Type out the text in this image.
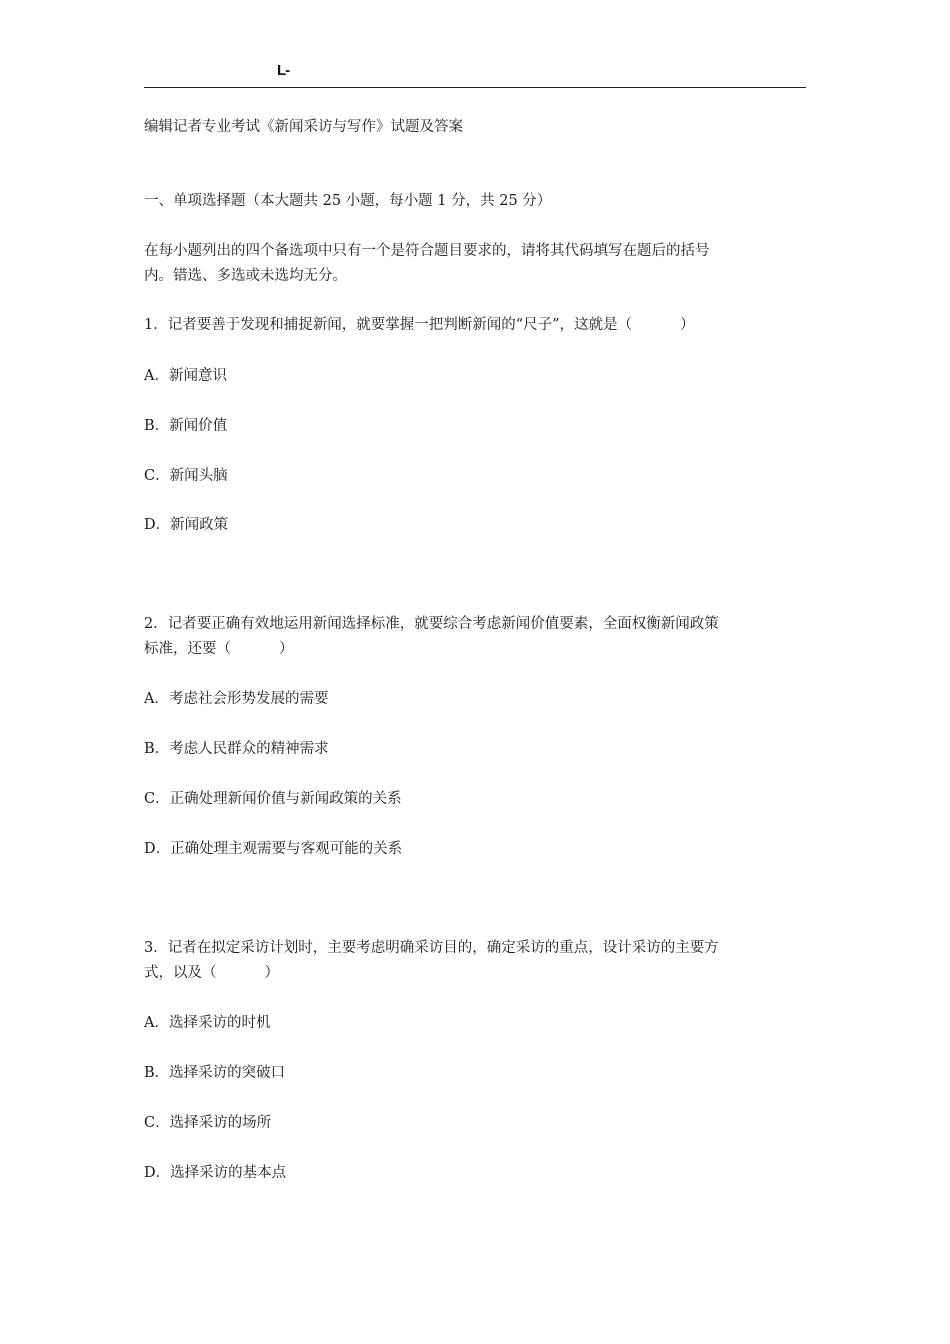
L-
编辑记者专业考试《新闻采访与写作》试题及答案
一、单项选择题（本大题共 25 小题，每小题 1 分，共 25 分）
在每小题列出的四个备选项中只有一个是符合题目要求的，请将其代码填写在题后的括号
内。错选、多选或未选均无分。
1．记者要善于发现和捕捉新闻，就要掌握一把判断新闻的“尺子”，这就是（	）
A．新闻意识
B．新闻价值
C．新闻头脑
D．新闻政策
2．记者要正确有效地运用新闻选择标准，就要综合考虑新闻价值要素，全面权衡新闻政策
标准，还要（	）
A．考虑社会形势发展的需要
B．考虑人民群众的精神需求
C．正确处理新闻价值与新闻政策的关系
D．正确处理主观需要与客观可能的关系
3．记者在拟定采访计划时，主要考虑明确采访目的，确定采访的重点，设计采访的主要方
式，以及（	）
A．选择采访的时机
B．选择采访的突破口
C．选择采访的场所
D．选择采访的基本点
